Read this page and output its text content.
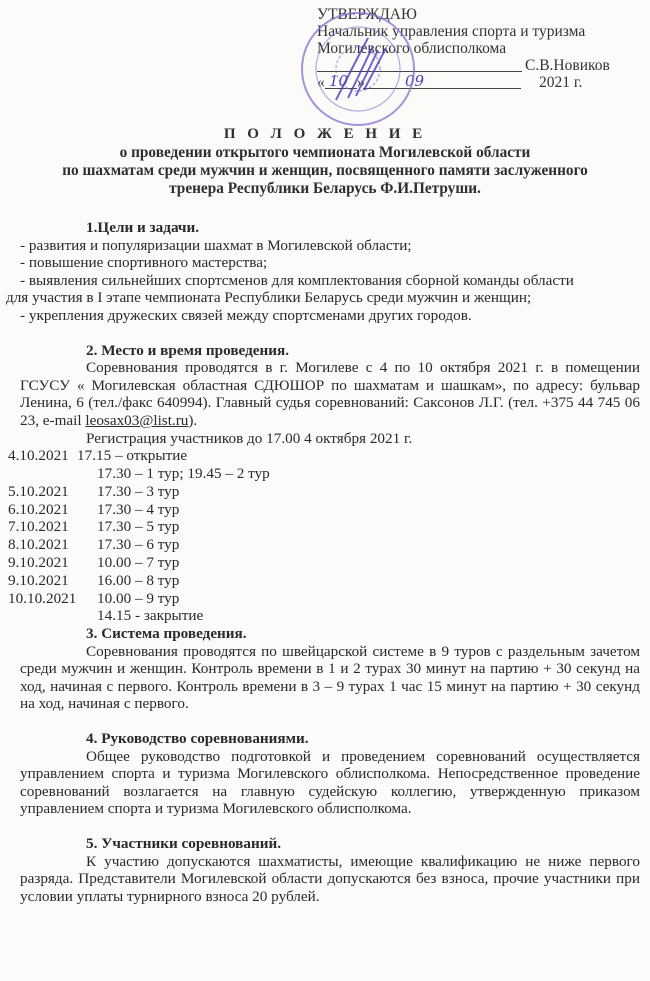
УТВЕРЖДАЮ
Начальник управления спорта и туризма
Могилевского облисполкома
С.В.Новиков
« 10 »	09	2021 г.
П О Л О Ж Е Н И Е
о проведении открытого чемпионата Могилевской области
по шахматам среди мужчин и женщин, посвященного памяти заслуженного
тренера Республики Беларусь Ф.И.Петруши.
1.Цели и задачи.
- развития и популяризации шахмат в Могилевской области;
- повышение спортивного мастерства;
- выявления сильнейших спортсменов для комплектования сборной команды области
для участия в I этапе чемпионата Республики Беларусь среди мужчин и женщин;
- укрепления дружеских связей между спортсменами других городов.
2. Место и время проведения.
Соревнования проводятся в г. Могилеве с 4 по 10 октября 2021 г. в помещении ГСУСУ « Могилевская областная СДЮШОР по шахматам и шашкам», по адресу: бульвар Ленина, 6 (тел./факс 640994). Главный судья соревнований: Саксонов Л.Г. (тел. +375 44 745 06 23, e-mail leosax03@list.ru).
Регистрация участников до 17.00 4 октября 2021 г.
4.10.2021 17.15 – открытие
17.30 – 1 тур; 19.45 – 2 тур
5.10.2021 17.30 – 3 тур
6.10.2021 17.30 – 4 тур
7.10.2021 17.30 – 5 тур
8.10.2021 17.30 – 6 тур
9.10.2021 10.00 – 7 тур
9.10.2021 16.00 – 8 тур
10.10.2021 10.00 – 9 тур
14.15 - закрытие
3. Система проведения.
Соревнования проводятся по швейцарской системе в 9 туров с раздельным зачетом среди мужчин и женщин. Контроль времени в 1 и 2 турах 30 минут на партию + 30 секунд на ход, начиная с первого. Контроль времени в 3 – 9 турах 1 час 15 минут на партию + 30 секунд на ход, начиная с первого.
4. Руководство соревнованиями.
Общее руководство подготовкой и проведением соревнований осуществляется управлением спорта и туризма Могилевского облисполкома. Непосредственное проведение соревнований возлагается на главную судейскую коллегию, утвержденную приказом управлением спорта и туризма Могилевского облисполкома.
5. Участники соревнований.
К участию допускаются шахматисты, имеющие квалификацию не ниже первого разряда. Представители Могилевской области допускаются без взноса, прочие участники при условии уплаты турнирного взноса 20 рублей.
